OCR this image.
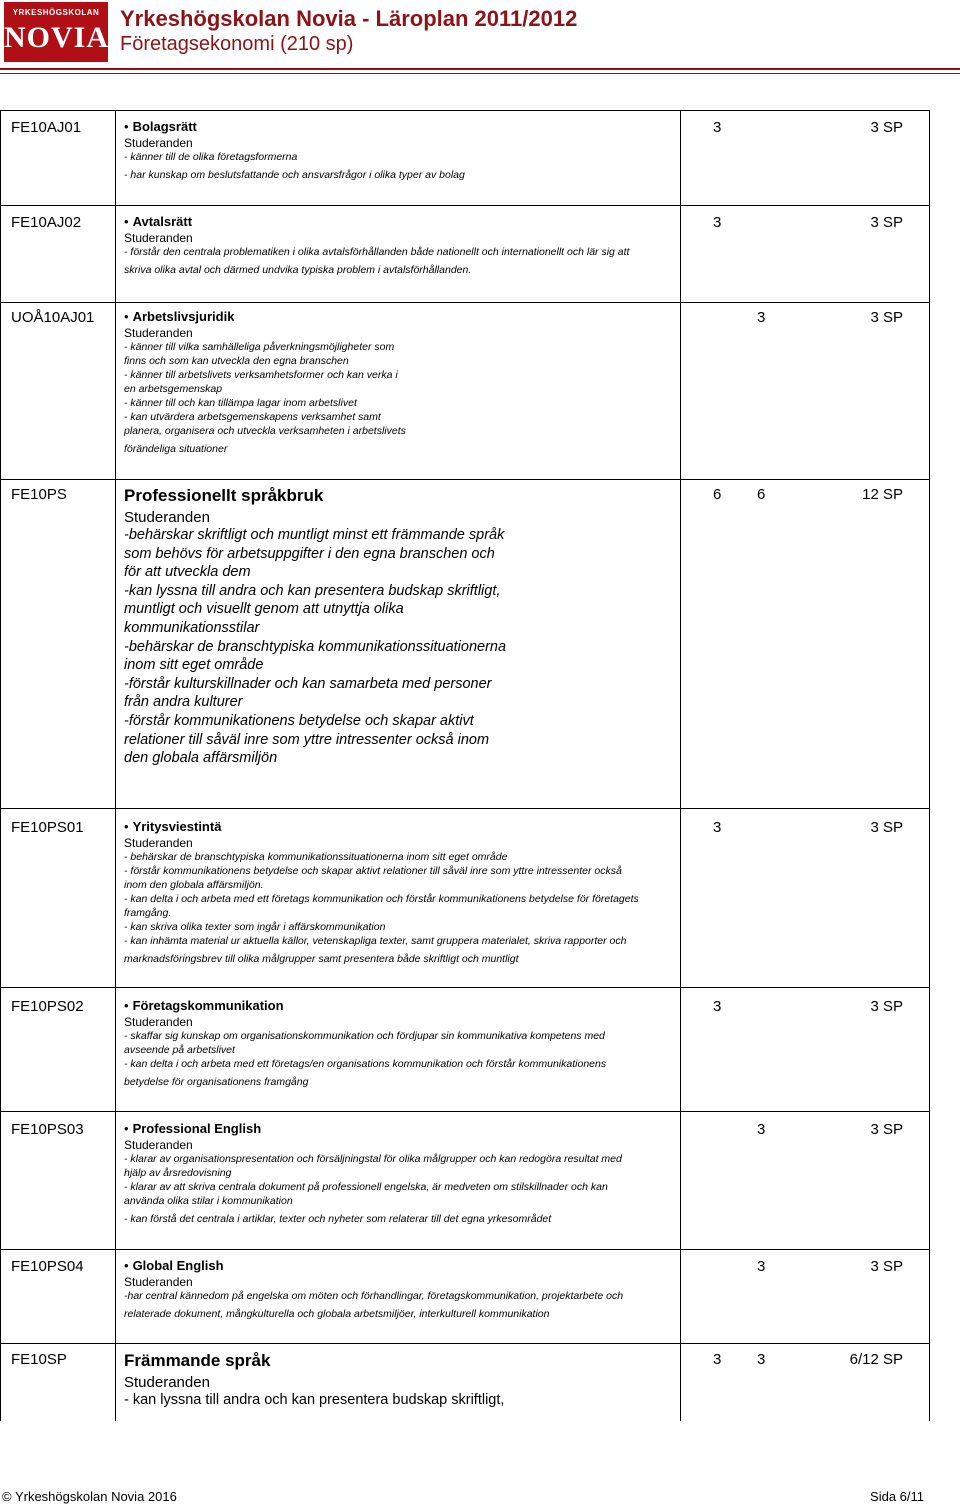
YRKESHÖGSKOLAN
NOVIA
Yrkeshögskolan Novia - Läroplan 2011/2012
Företagsekonomi (210 sp)
FE10AJ01	• Bolagsrätt
Studeranden
- känner till de olika företagsformerna
- har kunskap om beslutsfattande och ansvarsfrågor i olika typer av bolag
3	3 SP
FE10AJ02	• Avtalsrätt
Studeranden
- förstår den centrala problematiken i olika avtalsförhållanden både nationellt och internationellt och lär sig att
skriva olika avtal och därmed undvika typiska problem i avtalsförhållanden.
3	3 SP
UOÅ10AJ01 • Arbetslivsjuridik
Studeranden
- känner till vilka samhälleliga påverkningsmöjligheter som
finns och som kan utveckla den egna branschen
- känner till arbetslivets verksamhetsformer och kan verka i
en arbetsgemenskap
- känner till och kan tillämpa lagar inom arbetslivet
- kan utvärdera arbetsgemenskapens verksamhet samt
planera, organisera och utveckla verksamheten i arbetslivets
förändeliga situationer
3	3 SP
FE10PS	Professionellt språkbruk
Studeranden
-behärskar skriftligt och muntligt minst ett främmande språk
som behövs för arbetsuppgifter i den egna branschen och
för att utveckla dem
-kan lyssna till andra och kan presentera budskap skriftligt,
muntligt och visuellt genom att utnyttja olika
kommunikationsstilar
-behärskar de branschtypiska kommunikationssituationerna
inom sitt eget område
-förstår kulturskillnader och kan samarbeta med personer
från andra kulturer
-förstår kommunikationens betydelse och skapar aktivt
relationer till såväl inre som yttre intressenter också inom
den globala affärsmiljön
6 6	12 SP
FE10PS01	• Yritysviestintä
Studeranden
- behärskar de branschtypiska kommunikationssituationerna inom sitt eget område
- förstår kommunikationens betydelse och skapar aktivt relationer till såväl inre som yttre intressenter också
inom den globala affärsmiljön.
- kan delta i och arbeta med ett företags kommunikation och förstår kommunikationens betydelse för företagets
framgång.
- kan skriva olika texter som ingår i affärskommunikation
- kan inhämta material ur aktuella källor, vetenskapliga texter, samt gruppera materialet, skriva rapporter och
marknadsföringsbrev till olika målgrupper samt presentera både skriftligt och muntligt
3	3 SP
FE10PS02	• Företagskommunikation
Studeranden
- skaffar sig kunskap om organisationskommunikation och fördjupar sin kommunikativa kompetens med
avseende på arbetslivet
- kan delta i och arbeta med ett företags/en organisations kommunikation och förstår kommunikationens
betydelse för organisationens framgång
3	3 SP
FE10PS03	• Professional English
Studeranden
- klarar av organisationspresentation och försäljningstal för olika målgrupper och kan redogöra resultat med
hjälp av årsredovisning
- klarar av att skriva centrala dokument på professionell engelska, är medveten om stilskillnader och kan
använda olika stilar i kommunikation
- kan förstå det centrala i artiklar, texter och nyheter som relaterar till det egna yrkesområdet
3	3 SP
FE10PS04	• Global English
Studeranden
-har central kännedom på engelska om möten och förhandlingar, företagskommunikation, projektarbete och
relaterade dokument, mångkulturella och globala arbetsmiljöer, interkulturell kommunikation
3	3 SP
FE10SP	Främmande språk
Studeranden
- kan lyssna till andra och kan presentera budskap skriftligt,
3 3	6/12 SP
© Yrkeshögskolan Novia 2016	Sida 6/11
